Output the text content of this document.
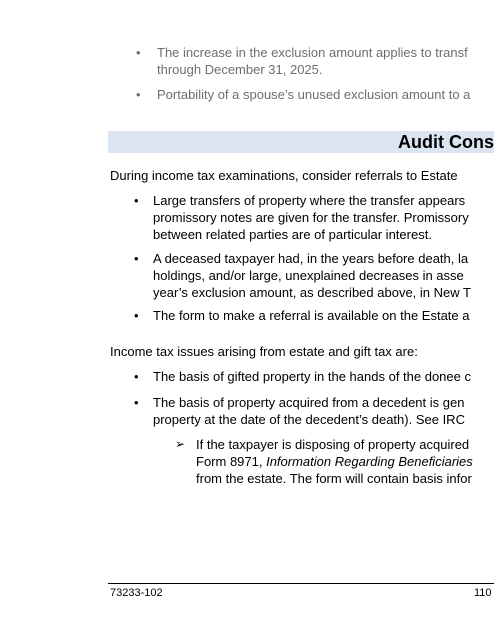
• The increase in the exclusion amount applies to transf
through December 31, 2025.
• Portability of a spouse’s unused exclusion amount to a
Audit Cons
During income tax examinations, consider referrals to Estate
• Large transfers of property where the transfer appears
promissory notes are given for the transfer. Promissory
between related parties are of particular interest.
• A deceased taxpayer had, in the years before death, la
holdings, and/or large, unexplained decreases in asse
year’s exclusion amount, as described above, in New T
• The form to make a referral is available on the Estate a
Income tax issues arising from estate and gift tax are:
• The basis of gifted property in the hands of the donee c
• The basis of property acquired from a decedent is gen
property at the date of the decedent’s death). See IRC
➢ If the taxpayer is disposing of property acquired
Form 8971, Information Regarding Beneficiaries
from the estate. The form will contain basis infor
73233-102	110
